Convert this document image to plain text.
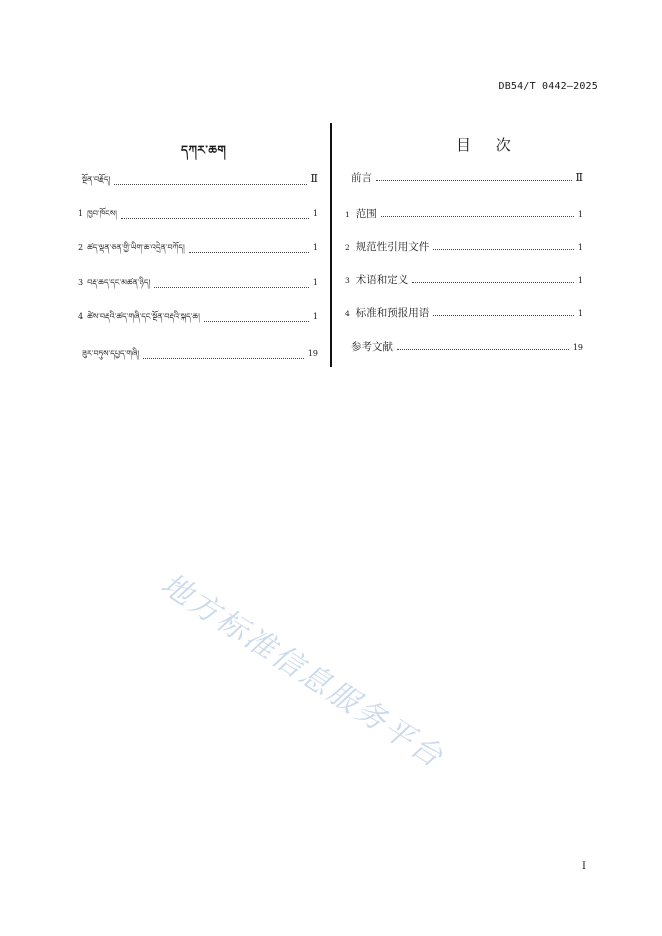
DB54/T 0442—2025
དཀར་ཆག	目 次
སྔོན་བརྗོད།	Ⅱ
1 ཁྱབ་ཁོངས།	1
2 ཚད་ལྡན་ཅན་གྱི་ཡིག་ཆ་འདྲེན་བཀོད།	1
3 བརྡ་ཆད་དང་མཚན་ཉིད།	1
4 ཚེས་བརྡའི་ཚད་གཞི་དང་སྔོན་བརྡའི་སྐད་ཆ།	1
ཟུར་བཏུས་དཔྱད་གཞི།	19
前言	Ⅱ
1 范围	1
2 规范性引用文件	1
3 术语和定义	1
4 标准和预报用语	1
参考文献	19
地方标准信息服务平台
I
